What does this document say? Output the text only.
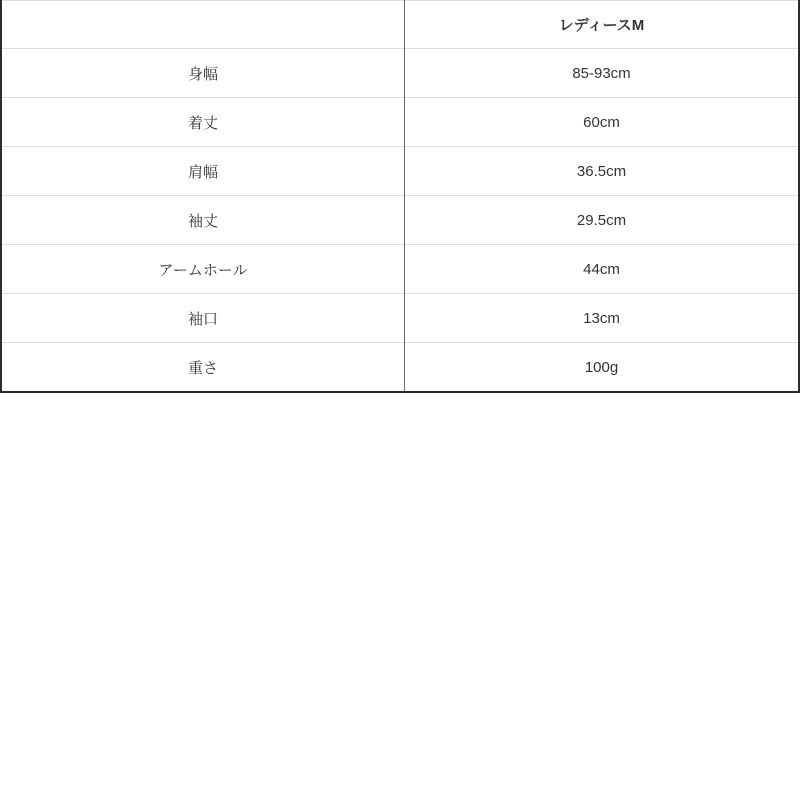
	レディースM
身幅	85-93cm
着丈	60cm
肩幅	36.5cm
袖丈	29.5cm
アームホール	44cm
袖口	13cm
重さ	100g
